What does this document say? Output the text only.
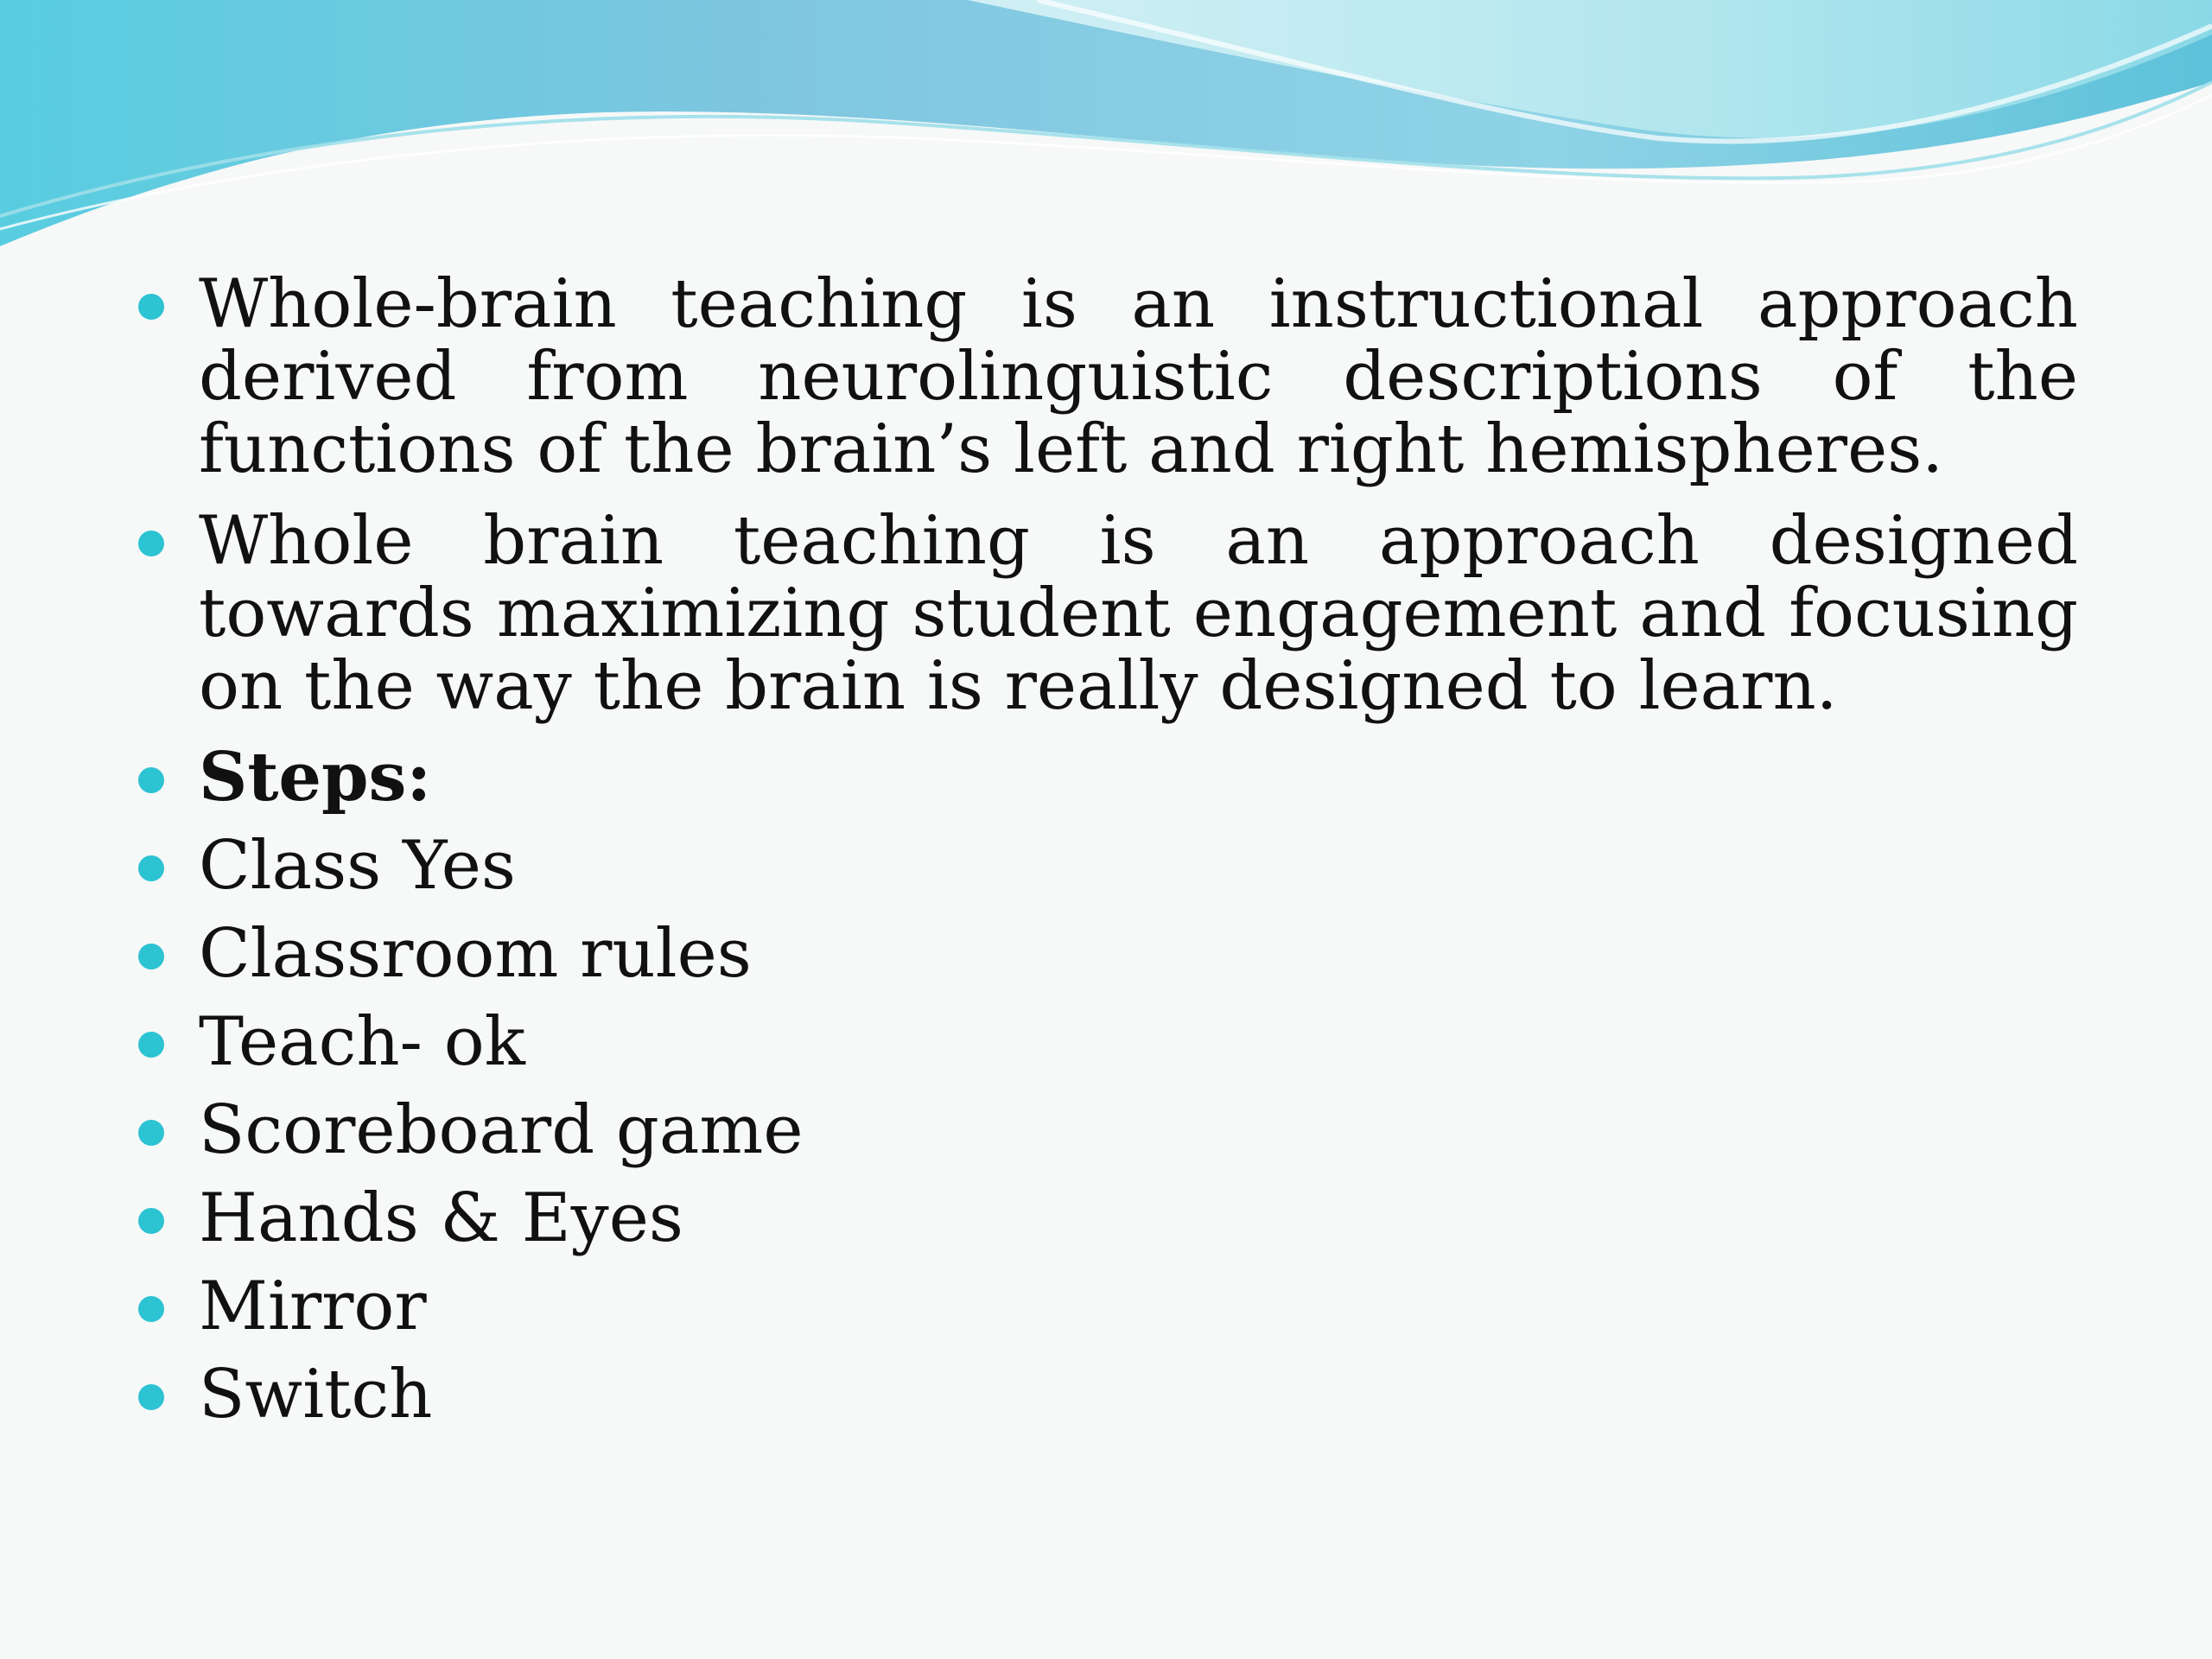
Whole-brain teaching is an instructional approach derived from neurolinguistic descriptions of the functions of the brain’s left and right hemispheres.
Whole brain teaching is an approach designed towards maximizing student engagement and focusing on the way the brain is really designed to learn.
Steps:
Class Yes
Classroom rules
Teach- ok
Scoreboard game
Hands & Eyes
Mirror
Switch
